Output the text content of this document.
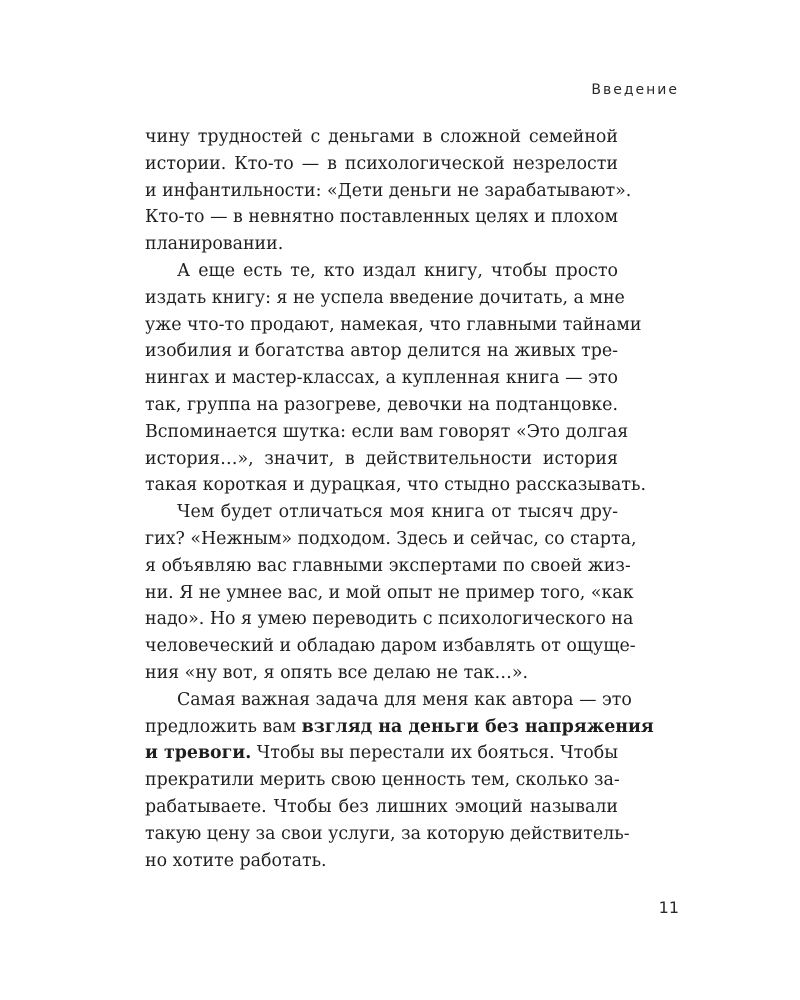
Введение
чину трудностей с деньгами в сложной семейной
истории. Кто-то — в психологической незрелости
и инфантильности: «Дети деньги не зарабатывают».
Кто-то — в невнятно поставленных целях и плохом
планировании.
А еще есть те, кто издал книгу, чтобы просто
издать книгу: я не успела введение дочитать, а мне
уже что-то продают, намекая, что главными тайнами
изобилия и богатства автор делится на живых тре-
нингах и мастер-классах, а купленная книга — это
так, группа на разогреве, девочки на подтанцовке.
Вспоминается шутка: если вам говорят «Это долгая
история…», значит, в действительности история
такая короткая и дурацкая, что стыдно рассказывать.
Чем будет отличаться моя книга от тысяч дру-
гих? «Нежным» подходом. Здесь и сейчас, со старта,
я объявляю вас главными экспертами по своей жиз-
ни. Я не умнее вас, и мой опыт не пример того, «как
надо». Но я умею переводить с психологического на
человеческий и обладаю даром избавлять от ощуще-
ния «ну вот, я опять все делаю не так…».
Самая важная задача для меня как автора — это
предложить вам взгляд на деньги без напряжения
и тревоги. Чтобы вы перестали их бояться. Чтобы
прекратили мерить свою ценность тем, сколько за-
рабатываете. Чтобы без лишних эмоций называли
такую цену за свои услуги, за которую действитель-
но хотите работать.
11
